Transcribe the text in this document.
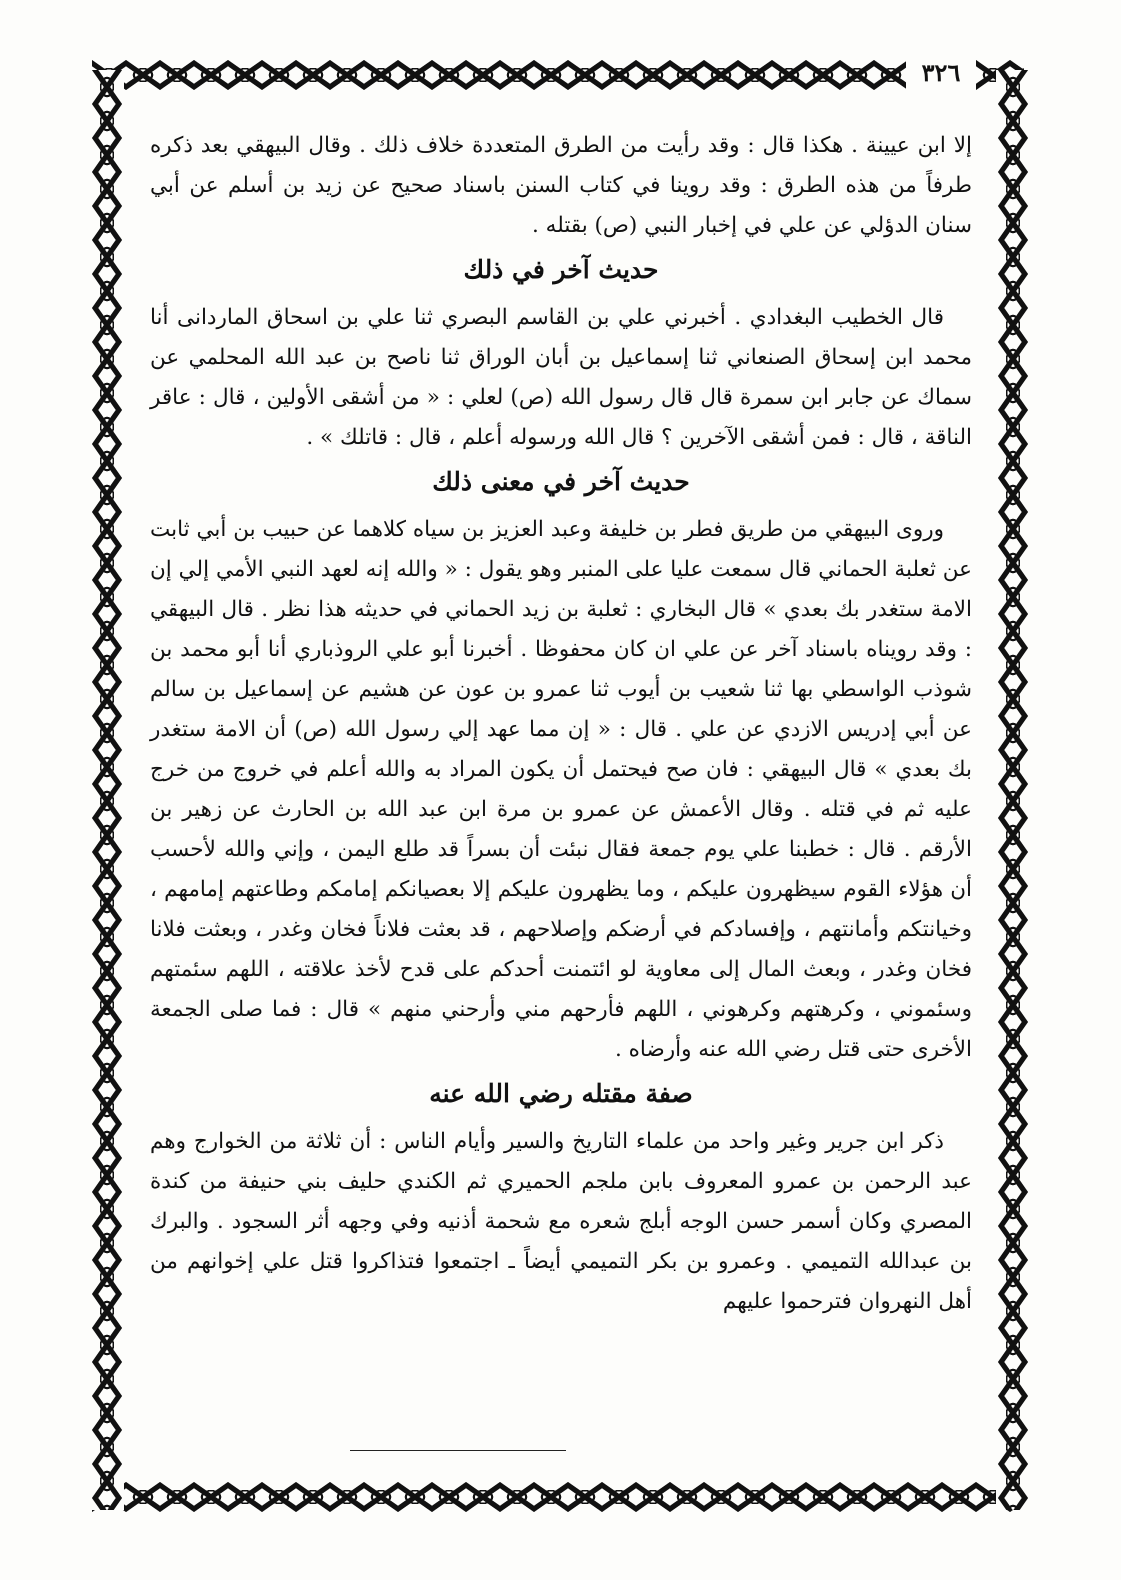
٣٢٦

إلا ابن عيينة . هكذا قال : وقد رأيت من الطرق المتعددة خلاف ذلك . وقال البيهقي بعد ذكره طرفاً من هذه الطرق : وقد روينا في كتاب السنن باسناد صحيح عن زيد بن أسلم عن أبي سنان الدؤلي عن علي في إخبار النبي (ص) بقتله .

حديث آخر في ذلك

قال الخطيب البغدادي . أخبرني علي بن القاسم البصري ثنا علي بن اسحاق الماردانی أنا محمد ابن إسحاق الصنعاني ثنا إسماعيل بن أبان الوراق ثنا ناصح بن عبد الله المحلمي عن سماك عن جابر ابن سمرة قال قال رسول الله (ص) لعلي : « من أشقى الأولين ، قال : عاقر الناقة ، قال : فمن أشقى الآخرين ؟ قال الله ورسوله أعلم ، قال : قاتلك » .

حديث آخر في معنى ذلك

وروى البيهقي من طريق فطر بن خليفة وعبد العزيز بن سياه كلاهما عن حبيب بن أبي ثابت عن ثعلبة الحماني قال سمعت عليا على المنبر وهو يقول : « والله إنه لعهد النبي الأمي إلي إن الامة ستغدر بك بعدي » قال البخاري : ثعلبة بن زيد الحماني في حديثه هذا نظر . قال البيهقي : وقد رويناه باسناد آخر عن علي ان كان محفوظا . أخبرنا أبو علي الروذباري أنا أبو محمد بن شوذب الواسطي بها ثنا شعيب بن أيوب ثنا عمرو بن عون عن هشيم عن إسماعيل بن سالم عن أبي إدريس الازدي عن علي . قال : « إن مما عهد إلي رسول الله (ص) أن الامة ستغدر بك بعدي » قال البيهقي : فان صح فيحتمل أن يكون المراد به والله أعلم في خروج من خرج عليه ثم في قتله . وقال الأعمش عن عمرو بن مرة ابن عبد الله بن الحارث عن زهير بن الأرقم . قال : خطبنا علي يوم جمعة فقال نبئت أن بسراً قد طلع اليمن ، وإني والله لأحسب أن هؤلاء القوم سيظهرون عليكم ، وما يظهرون عليكم إلا بعصيانكم إمامكم وطاعتهم إمامهم ، وخيانتكم وأمانتهم ، وإفسادكم في أرضكم وإصلاحهم ، قد بعثت فلاناً فخان وغدر ، وبعثت فلانا فخان وغدر ، وبعث المال إلى معاوية لو ائتمنت أحدكم على قدح لأخذ علاقته ، اللهم سئمتهم وسئموني ، وكرهتهم وكرهوني ، اللهم فأرحهم مني وأرحني منهم » قال : فما صلى الجمعة الأخرى حتى قتل رضي الله عنه وأرضاه .

صفة مقتله رضي الله عنه

ذكر ابن جرير وغير واحد من علماء التاريخ والسير وأيام الناس : أن ثلاثة من الخوارج وهم عبد الرحمن بن عمرو المعروف بابن ملجم الحميري ثم الكندي حليف بني حنيفة من كندة المصري وكان أسمر حسن الوجه أبلج شعره مع شحمة أذنيه وفي وجهه أثر السجود . والبرك بن عبدالله التميمي . وعمرو بن بكر التميمي أيضاً ـ اجتمعوا فتذاكروا قتل علي إخوانهم من أهل النهروان فترحموا عليهم
